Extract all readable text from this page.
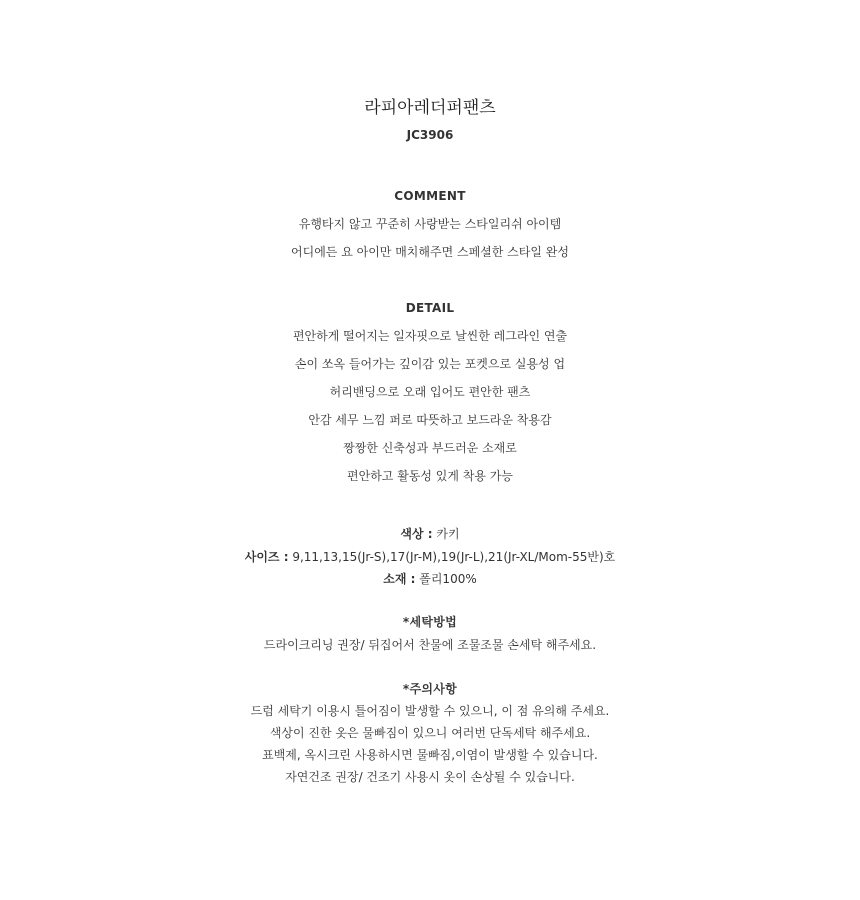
라피아레더퍼팬츠
JC3906
COMMENT
유행타지 않고 꾸준히 사랑받는 스타일리쉬 아이템
어디에든 요 아이만 매치해주면 스페셜한 스타일 완성
DETAIL
편안하게 떨어지는 일자핏으로 날씬한 레그라인 연출
손이 쏘옥 들어가는 깊이감 있는 포켓으로 실용성 업
허리밴딩으로 오래 입어도 편안한 팬츠
안감 세무 느낌 퍼로 따뜻하고 보드라운 착용감
짱짱한 신축성과 부드러운 소재로
편안하고 활동성 있게 착용 가능
색상 : 카키
사이즈 : 9,11,13,15(Jr-S),17(Jr-M),19(Jr-L),21(Jr-XL/Mom-55반)호
소재 : 폴리100%
*세탁방법
드라이크리닝 권장/ 뒤집어서 찬물에 조물조물 손세탁 해주세요.
*주의사항
드럼 세탁기 이용시 틀어짐이 발생할 수 있으니, 이 점 유의해 주세요.
색상이 진한 옷은 물빠짐이 있으니 여러번 단독세탁 해주세요.
표백제, 옥시크린 사용하시면 물빠짐,이염이 발생할 수 있습니다.
자연건조 권장/ 건조기 사용시 옷이 손상될 수 있습니다.
